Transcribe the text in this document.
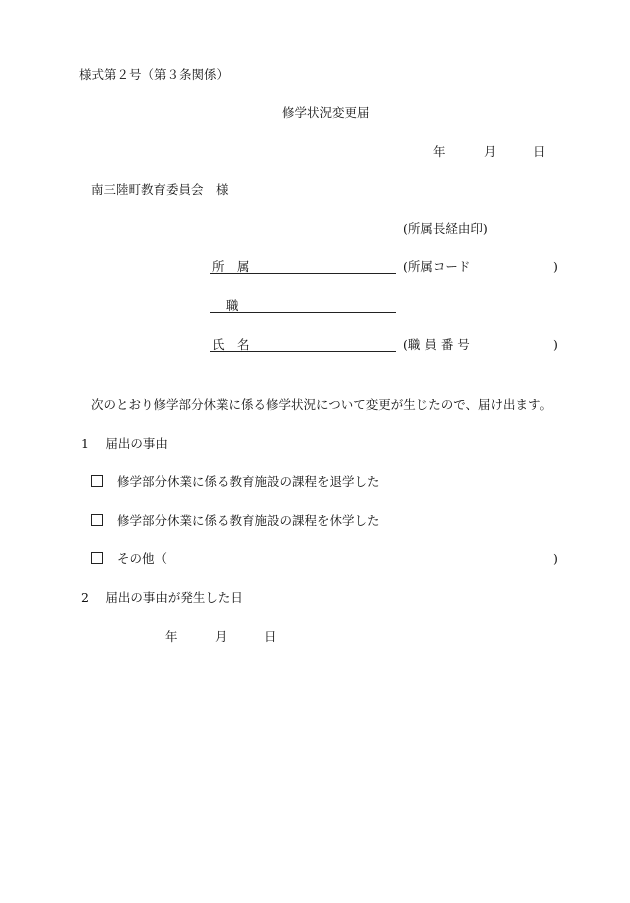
様式第２号（第３条関係）
修学状況変更届
年	月	日
南三陸町教育委員会　様
(所属長経由印)
所　属	(所属コード	)
職
氏　名	(職 員 番 号	)
次のとおり修学部分休業に係る修学状況について変更が生じたので、届け出ます。
1　 届出の事由
修学部分休業に係る教育施設の課程を退学した
修学部分休業に係る教育施設の課程を休学した
その他（	)
2　 届出の事由が発生した日
年	月	日
